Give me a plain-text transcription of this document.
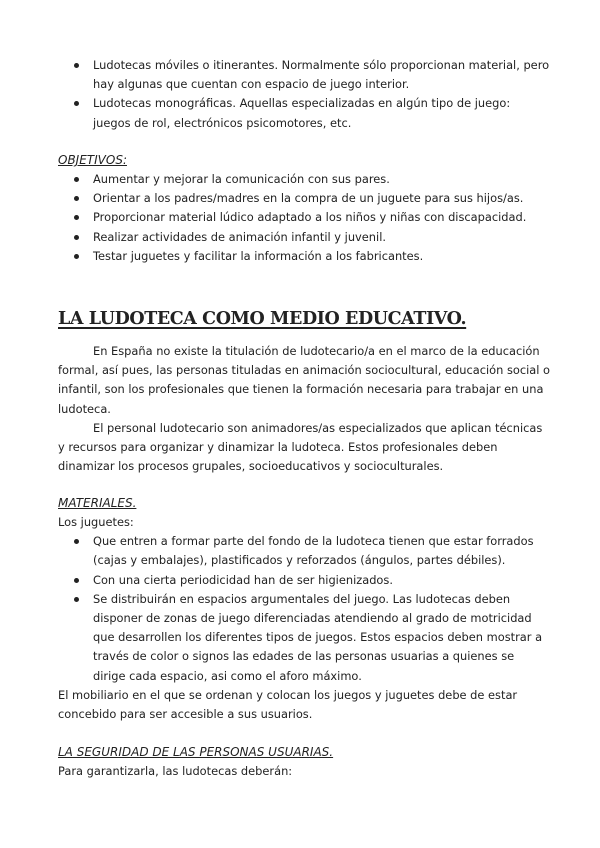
Ludotecas móviles o itinerantes. Normalmente sólo proporcionan material, pero hay algunas que cuentan con espacio de juego interior.
Ludotecas monográficas. Aquellas especializadas en algún tipo de juego: juegos de rol, electrónicos psicomotores, etc.
OBJETIVOS:
Aumentar y mejorar la comunicación con sus pares.
Orientar a los padres/madres en la compra de un juguete para sus hijos/as.
Proporcionar material lúdico adaptado a los niños y niñas con discapacidad.
Realizar actividades de animación infantil y juvenil.
Testar juguetes y facilitar la información a los fabricantes.
LA LUDOTECA COMO MEDIO EDUCATIVO.

En España no existe la titulación de ludotecario/a en el marco de la educación formal, así pues, las personas tituladas en animación sociocultural, educación social o infantil, son los profesionales que tienen la formación necesaria para trabajar en una ludoteca.

El personal ludotecario son animadores/as especializados que aplican técnicas y recursos para organizar y dinamizar la ludoteca. Estos profesionales deben dinamizar los procesos grupales, socioeducativos y socioculturales.

MATERIALES.

Los juguetes:

Que entren a formar parte del fondo de la ludoteca tienen que estar forrados (cajas y embalajes), plastificados y reforzados (ángulos, partes débiles).
Con una cierta periodicidad han de ser higienizados.
Se distribuirán en espacios argumentales del juego. Las ludotecas deben disponer de zonas de juego diferenciadas atendiendo al grado de motricidad que desarrollen los diferentes tipos de juegos. Estos espacios deben mostrar a través de color o signos las edades de las personas usuarias a quienes se dirige cada espacio, asi como el aforo máximo.

El mobiliario en el que se ordenan y colocan los juegos y juguetes debe de estar concebido para ser accesible a sus usuarios.

LA SEGURIDAD DE LAS PERSONAS USUARIAS.

Para garantizarla, las ludotecas deberán:
